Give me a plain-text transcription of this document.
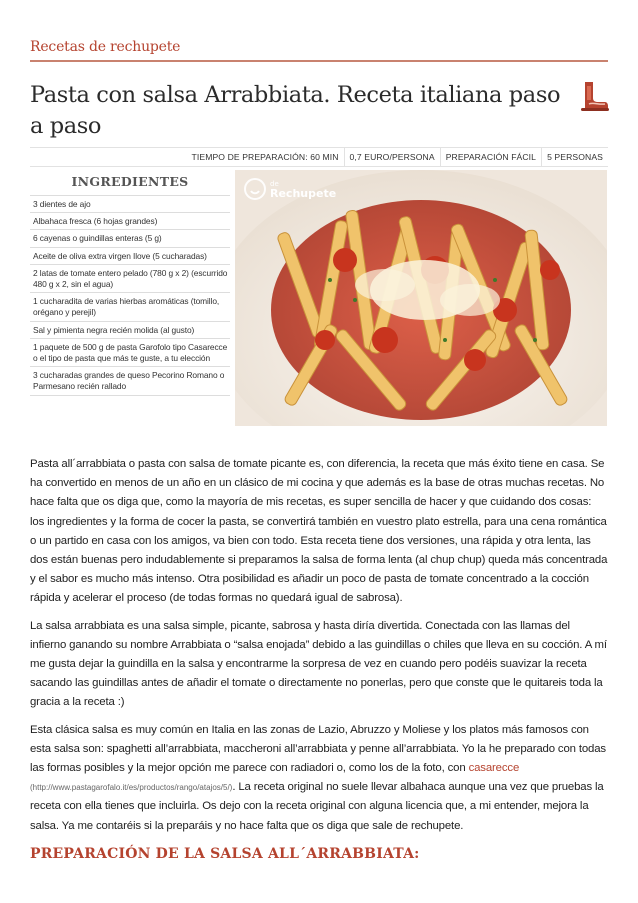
Recetas de rechupete
Pasta con salsa Arrabbiata. Receta italiana paso a paso
TIEMPO DE PREPARACIÓN: 60 MIN	0,7 EURO/PERSONA	PREPARACIÓN FÁCIL	5 PERSONAS
INGREDIENTES
3 dientes de ajo
Albahaca fresca (6 hojas grandes)
6 cayenas o guindillas enteras (5 g)
Aceite de oliva extra virgen Ilove (5 cucharadas)
2 latas de tomate entero pelado (780 g x 2) (escurrido 480 g x 2, sin el agua)
1 cucharadita de varias hierbas aromáticas (tomillo, orégano y perejil)
Sal y pimienta negra recién molida (al gusto)
1 paquete de 500 g de pasta Garofolo tipo Casarecce o el tipo de pasta que más te guste, a tu elección
3 cucharadas grandes de queso Pecorino Romano o Parmesano recién rallado
de
Rechupete

Pasta all´arrabbiata o pasta con salsa de tomate picante es, con diferencia, la receta que más éxito tiene en casa. Se ha convertido en menos de un año en un clásico de mi cocina y que además es la base de otras muchas recetas. No hace falta que os diga que, como la mayoría de mis recetas, es super sencilla de hacer y que cuidando dos cosas: los ingredientes y la forma de cocer la pasta, se convertirá también en vuestro plato estrella, para una cena romántica o un partido en casa con los amigos, va bien con todo. Esta receta tiene dos versiones, una rápida y otra lenta, las dos están buenas pero indudablemente si preparamos la salsa de forma lenta (al chup chup) queda más concentrada y el sabor es mucho más intenso. Otra posibilidad es añadir un poco de pasta de tomate concentrado a la cocción rápida y acelerar el proceso (de todas formas no quedará igual de sabrosa).

La salsa arrabbiata es una salsa simple, picante, sabrosa y hasta diría divertida. Conectada con las llamas del infierno ganando su nombre Arrabbiata o “salsa enojada” debido a las guindillas o chiles que lleva en su cocción. A mí me gusta dejar la guindilla en la salsa y encontrarme la sorpresa de vez en cuando pero podéis suavizar la receta sacando las guindillas antes de añadir el tomate o directamente no ponerlas, pero que conste que le quitareis toda la gracia a la receta :)

Esta clásica salsa es muy común en Italia en las zonas de Lazio, Abruzzo y Moliese y los platos más famosos con esta salsa son: spaghetti all’arrabbiata, maccheroni all’arrabbiata y penne all’arrabbiata. Yo la he preparado con todas las formas posibles y la mejor opción me parece con radiadori o, como los de la foto, con casarecce
(http://www.pastagarofalo.it/es/productos/rango/atajos/5/). La receta original no suele llevar albahaca aunque una vez que pruebas la receta con ella tienes que incluirla. Os dejo con la receta original con alguna licencia que, a mi entender, mejora la salsa. Ya me contaréis si la preparáis y no hace falta que os diga que sale de rechupete.

PREPARACIÓN DE LA SALSA ALL´ARRABBIATA:
